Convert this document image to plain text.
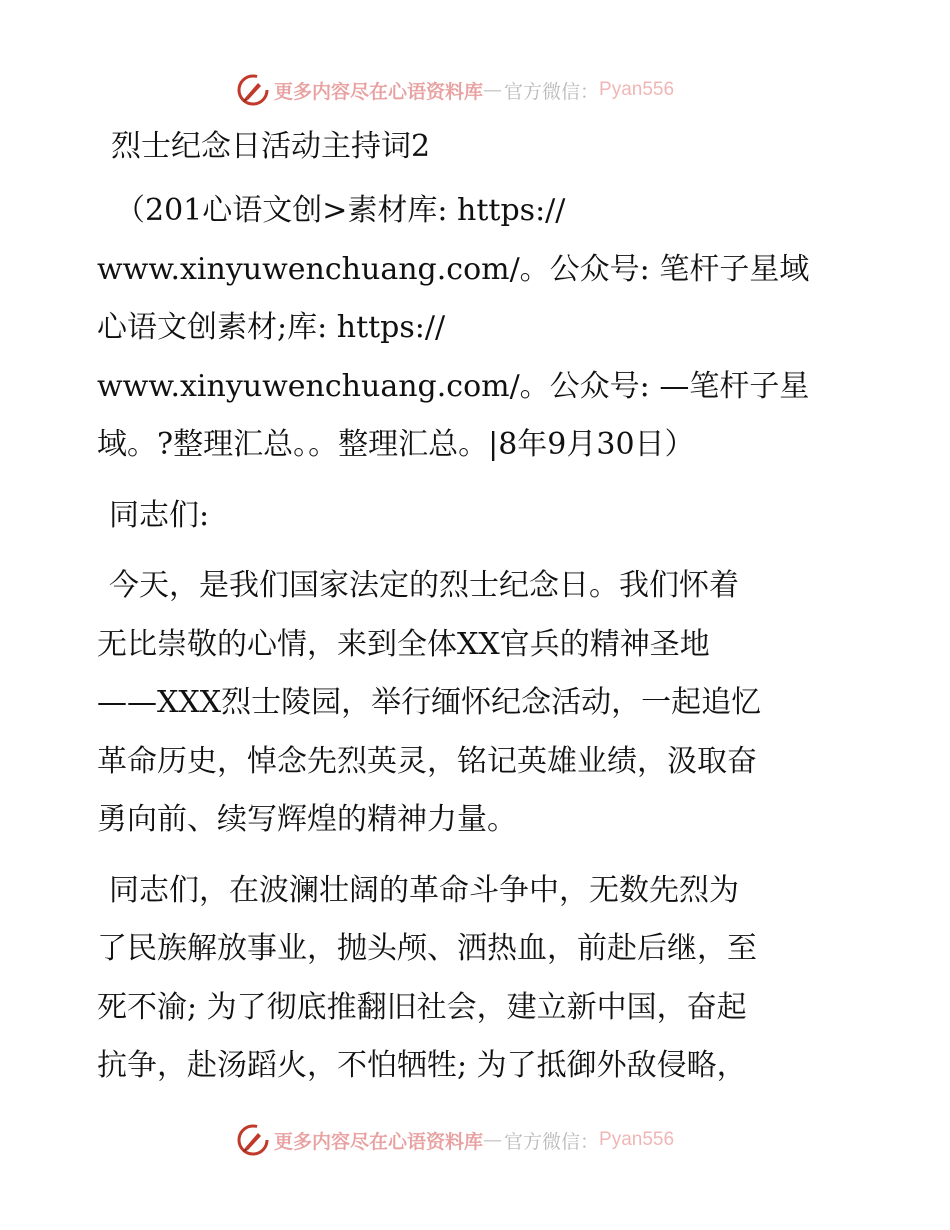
更多内容尽在心语资料库 — 官方微信： Pyan556

烈士纪念日活动主持词2

（201心语文创>素材库: https://
www.xinyuwenchuang.com/。公众号: 笔杆子星域
心语文创素材;库: https://
www.xinyuwenchuang.com/。公众号: —笔杆子星
域。?整理汇总。。整理汇总。|8年9月30日）

同志们:

今天，是我们国家法定的烈士纪念日。我们怀着
无比崇敬的心情，来到全体XX官兵的精神圣地
——XXX烈士陵园，举行缅怀纪念活动，一起追忆
革命历史，悼念先烈英灵，铭记英雄业绩，汲取奋
勇向前、续写辉煌的精神力量。

同志们，在波澜壮阔的革命斗争中，无数先烈为
了民族解放事业，抛头颅、洒热血，前赴后继，至
死不渝; 为了彻底推翻旧社会，建立新中国，奋起
抗争，赴汤蹈火，不怕牺牲; 为了抵御外敌侵略，

更多内容尽在心语资料库 — 官方微信： Pyan556
